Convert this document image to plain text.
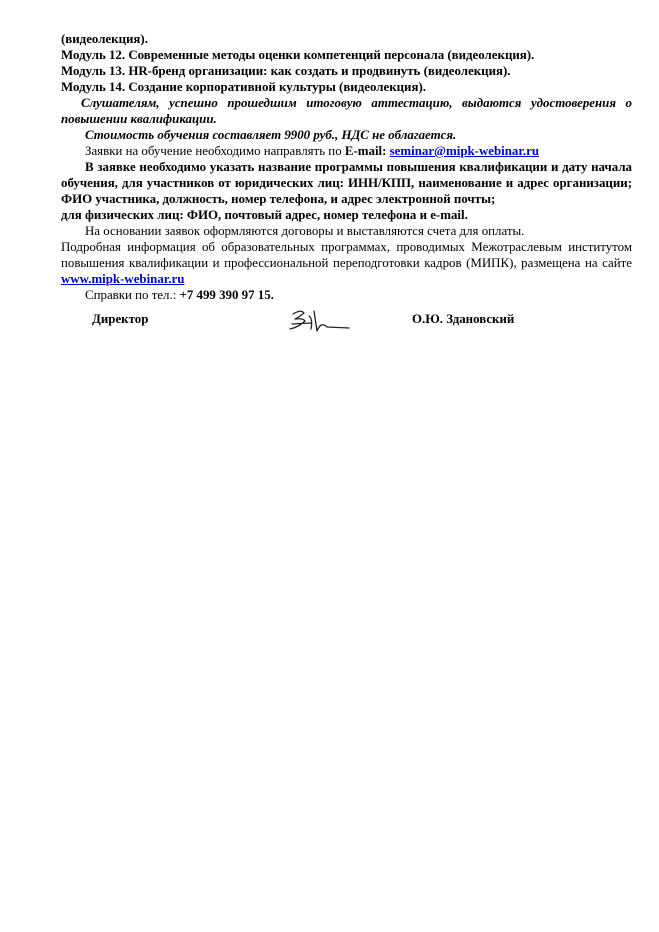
(видеолекция).

Модуль 12. Современные методы оценки компетенций персонала (видеолекция).

Модуль 13. HR-бренд организации: как создать и продвинуть (видеолекция).

Модуль 14. Создание корпоративной культуры (видеолекция).

Слушателям, успешно прошедшим итоговую аттестацию, выдаются удостоверения о повышении квалификации.

Стоимость обучения составляет 9900 руб., НДС не облагается.

Заявки на обучение необходимо направлять по E-mail: seminar@mipk-webinar.ru

В заявке необходимо указать название программы повышения квалификации и дату начала обучения, для участников от юридических лиц: ИНН/КПП, наименование и адрес организации; ФИО участника, должность, номер телефона, и адрес электронной почты;

для физических лиц: ФИО, почтовый адрес, номер телефона и e-mail.

На основании заявок оформляются договоры и выставляются счета для оплаты.

Подробная информация об образовательных программах, проводимых Межотраслевым институтом повышения квалификации и профессиональной переподготовки кадров (МИПК), размещена на сайте www.mipk-webinar.ru

Справки по тел.: +7 499 390 97 15.

Директор	О.Ю. Здановский
